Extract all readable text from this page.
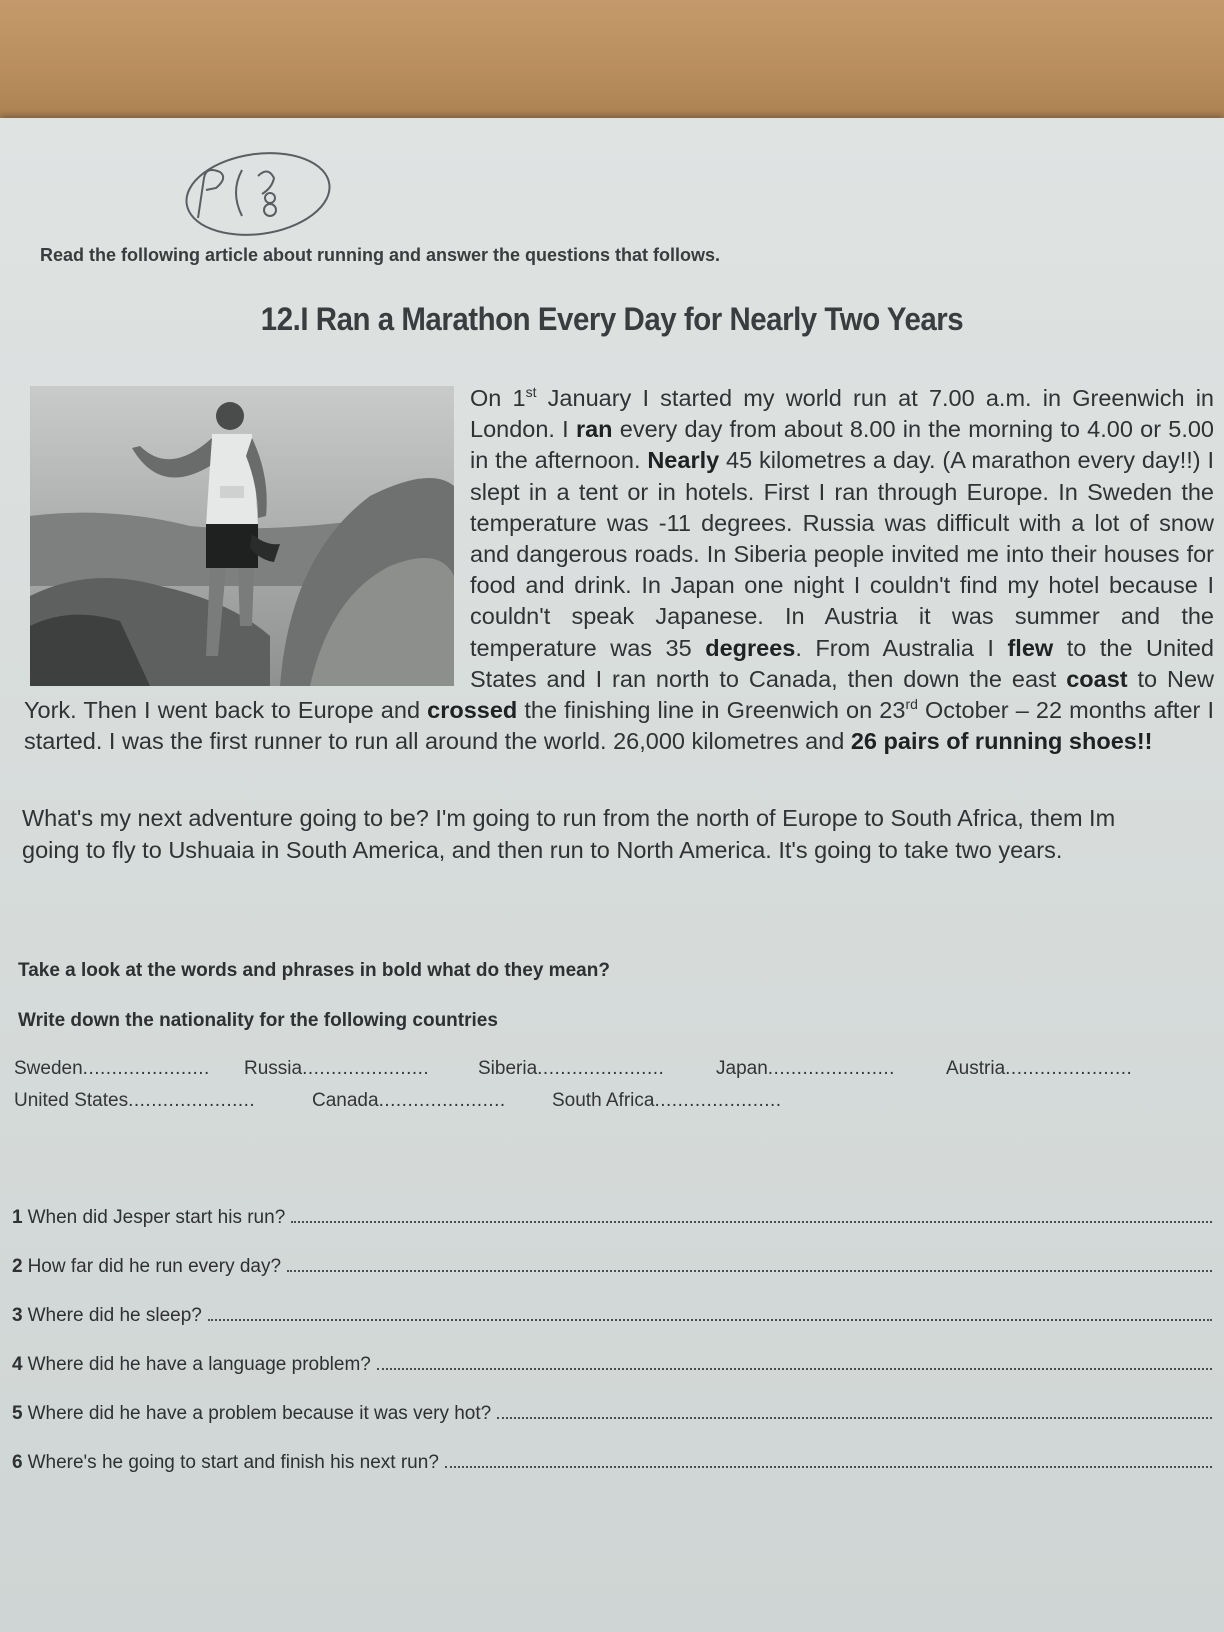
Read the following article about running and answer the questions that follows.
12.I Ran a Marathon Every Day for Nearly Two Years
On 1st January I started my world run at 7.00 a.m. in Greenwich in London. I ran every day from about 8.00 in the morning to 4.00 or 5.00 in the afternoon. Nearly 45 kilometres a day. (A marathon every day!!) I slept in a tent or in hotels. First I ran through Europe. In Sweden the temperature was -11 degrees. Russia was difficult with a lot of snow and dangerous roads. In Siberia people invited me into their houses for food and drink. In Japan one night I couldn't find my hotel because I couldn't speak Japanese. In Austria it was summer and the temperature was 35 degrees. From Australia I flew to the United States and I ran north to Canada, then down the east coast to New York. Then I went back to Europe and crossed the finishing line in Greenwich on 23rd October – 22 months after I started. I was the first runner to run all around the world. 26,000 kilometres and 26 pairs of running shoes!!
What's my next adventure going to be? I'm going to run from the north of Europe to South Africa, them Im going to fly to Ushuaia in South America, and then run to North America. It's going to take two years.
Take a look at the words and phrases in bold what do they mean?
Write down the nationality for the following countries
Sweden...................... Russia......................	Siberia......................	Japan......................	Austria......................
United States......................	Canada...................... South Africa......................
1 When did Jesper start his run?
2 How far did he run every day?
3 Where did he sleep?
4 Where did he have a language problem?
5 Where did he have a problem because it was very hot?
6 Where's he going to start and finish his next run?
